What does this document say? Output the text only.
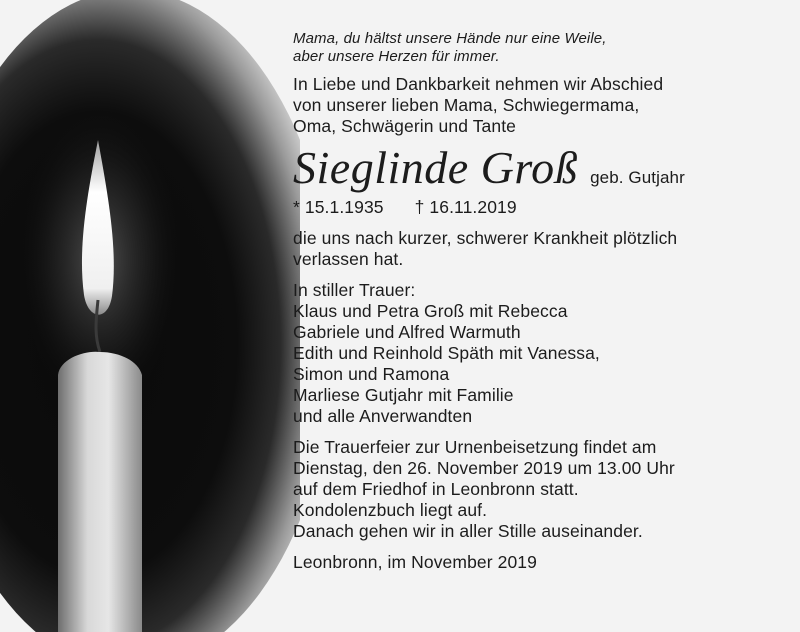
Mama, du hältst unsere Hände nur eine Weile,
aber unsere Herzen für immer.
In Liebe und Dankbarkeit nehmen wir Abschied
von unserer lieben Mama, Schwiegermama,
Oma, Schwägerin und Tante
Sieglinde Groß geb. Gutjahr
* 15.1.1935 † 16.11.2019
die uns nach kurzer, schwerer Krankheit plötzlich
verlassen hat.
In stiller Trauer:
Klaus und Petra Groß mit Rebecca
Gabriele und Alfred Warmuth
Edith und Reinhold Späth mit Vanessa,
Simon und Ramona
Marliese Gutjahr mit Familie
und alle Anverwandten
Die Trauerfeier zur Urnenbeisetzung findet am
Dienstag, den 26. November 2019 um 13.00 Uhr
auf dem Friedhof in Leonbronn statt.
Kondolenzbuch liegt auf.
Danach gehen wir in aller Stille auseinander.
Leonbronn, im November 2019
